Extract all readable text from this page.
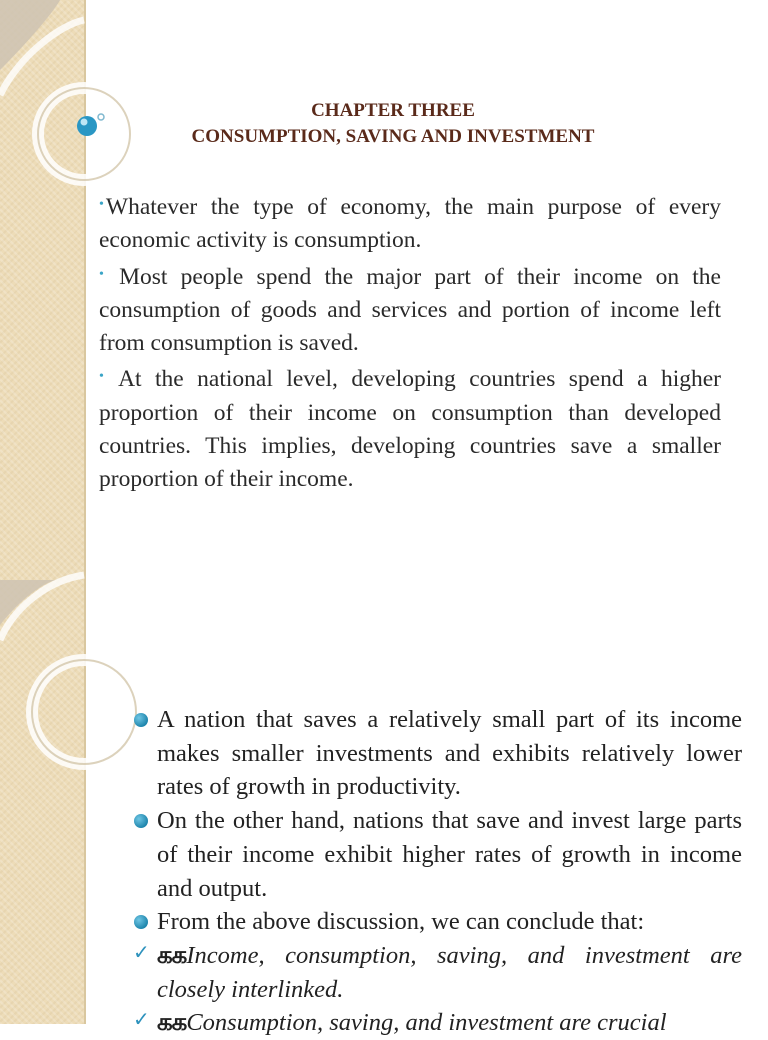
CHAPTER THREE
CONSUMPTION, SAVING AND INVESTMENT

•Whatever the type of economy, the main purpose of every economic activity is consumption.

• Most people spend the major part of their income on the consumption of goods and services and portion of income left from consumption is saved.

• At the national level, developing countries spend a higher proportion of their income on consumption than developed countries. This implies, developing countries save a smaller proportion of their income.

A nation that saves a relatively small part of its income makes smaller investments and exhibits relatively lower rates of growth in productivity.

On the other hand, nations that save and invest large parts of their income exhibit higher rates of growth in income and output.

From the above discussion, we can conclude that:

✓ ககIncome, consumption, saving, and investment are closely interlinked.

✓ ககConsumption, saving, and investment are crucial
